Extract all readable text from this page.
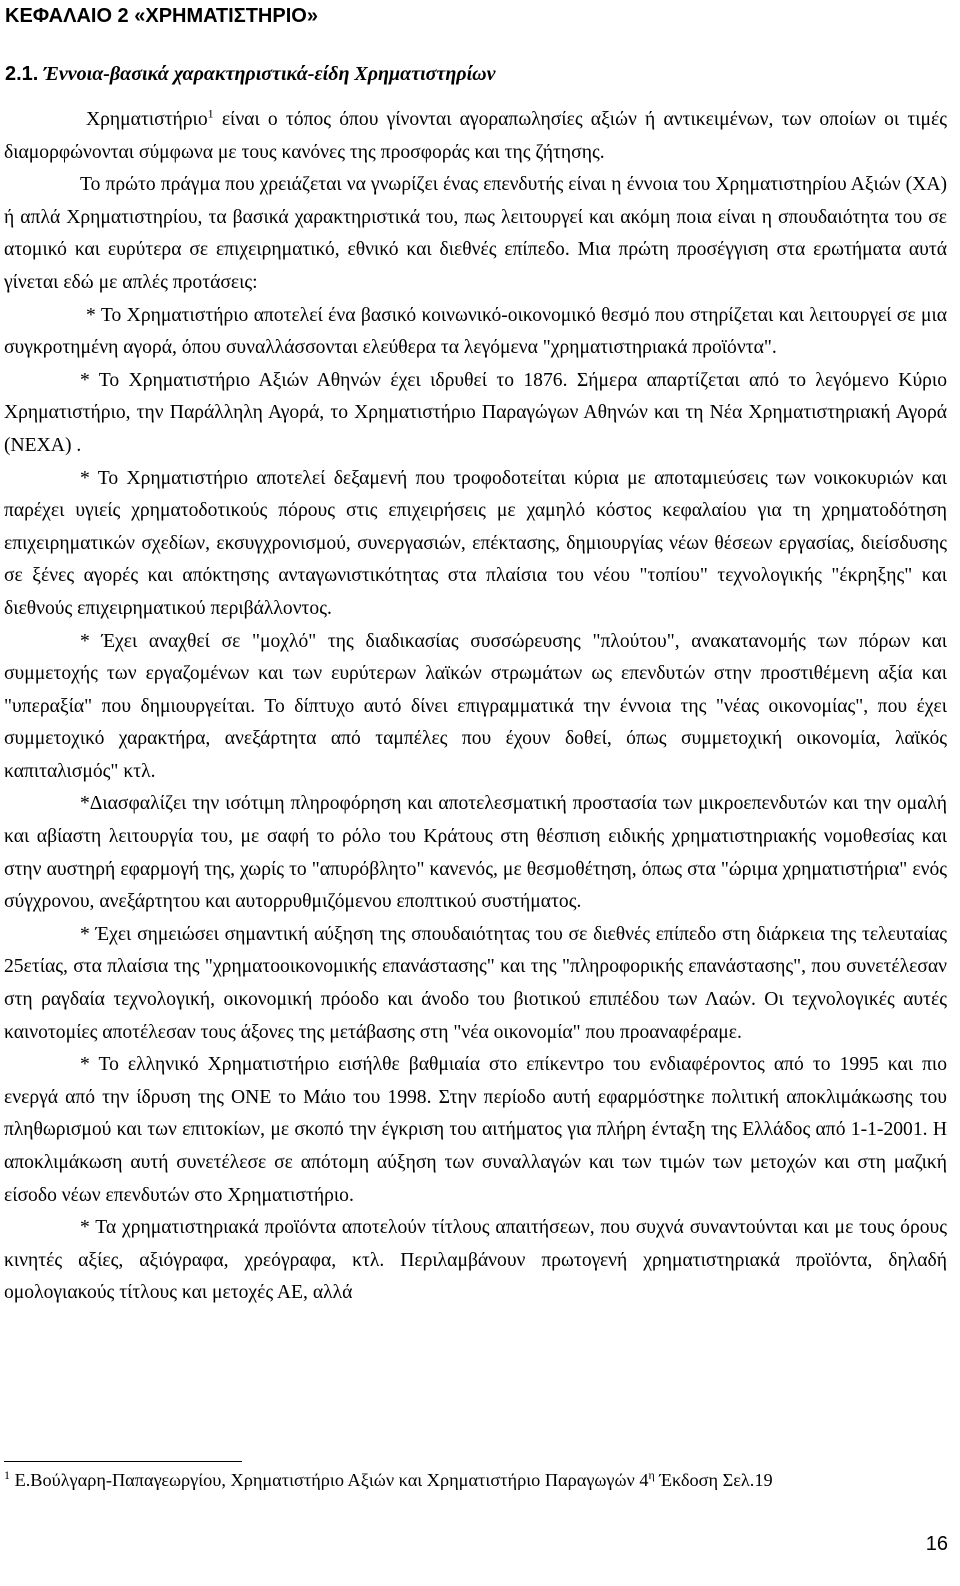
ΚΕΦΑΛΑΙΟ 2 «ΧΡΗΜΑΤΙΣΤΗΡΙΟ»
2.1. Έννοια-βασικά χαρακτηριστικά-είδη Χρηματιστηρίων

Χρηματιστήριο$^1$ είναι ο τόπος όπου γίνονται αγοραπωλησίες αξιών ή αντικειμένων, των οποίων οι τιμές διαμορφώνονται σύμφωνα με τους κανόνες της προσφοράς και της ζήτησης.

Το πρώτο πράγμα που χρειάζεται να γνωρίζει ένας επενδυτής είναι η έννοια του Χρηματιστηρίου Αξιών (ΧΑ) ή απλά Χρηματιστηρίου, τα βασικά χαρακτηριστικά του, πως λειτουργεί και ακόμη ποια είναι η σπουδαιότητα του σε ατομικό και ευρύτερα σε επιχειρηματικό, εθνικό και διεθνές επίπεδο. Μια πρώτη προσέγγιση στα ερωτήματα αυτά γίνεται εδώ με απλές προτάσεις:

* Το Χρηματιστήριο αποτελεί ένα βασικό κοινωνικό-οικονομικό θεσμό που στηρίζεται και λειτουργεί σε μια συγκροτημένη αγορά, όπου συναλλάσσονται ελεύθερα τα λεγόμενα "χρηματιστηριακά προϊόντα".

* Το Χρηματιστήριο Αξιών Αθηνών έχει ιδρυθεί το 1876. Σήμερα απαρτίζεται από το λεγόμενο Κύριο Χρηματιστήριο, την Παράλληλη Αγορά, το Χρηματιστήριο Παραγώγων Αθηνών και τη Νέα Χρηματιστηριακή Αγορά (ΝΕΧΑ) .

* Το Χρηματιστήριο αποτελεί δεξαμενή που τροφοδοτείται κύρια με αποταμιεύσεις των νοικοκυριών και παρέχει υγιείς χρηματοδοτικούς πόρους στις επιχειρήσεις με χαμηλό κόστος κεφαλαίου για τη χρηματοδότηση επιχειρηματικών σχεδίων, εκσυγχρονισμού, συνεργασιών, επέκτασης, δημιουργίας νέων θέσεων εργασίας, διείσδυσης σε ξένες αγορές και απόκτησης ανταγωνιστικότητας στα πλαίσια του νέου "τοπίου" τεχνολογικής "έκρηξης" και διεθνούς επιχειρηματικού περιβάλλοντος.

* Έχει αναχθεί σε "μοχλό" της διαδικασίας συσσώρευσης "πλούτου", ανακατανομής των πόρων και συμμετοχής των εργαζομένων και των ευρύτερων λαϊκών στρωμάτων ως επενδυτών στην προστιθέμενη αξία και "υπεραξία" που δημιουργείται. Το δίπτυχο αυτό δίνει επιγραμματικά την έννοια της "νέας οικονομίας", που έχει συμμετοχικό χαρακτήρα, ανεξάρτητα από ταμπέλες που έχουν δοθεί, όπως συμμετοχική οικονομία, λαϊκός καπιταλισμός" κτλ.

*Διασφαλίζει την ισότιμη πληροφόρηση και αποτελεσματική προστασία των μικροεπενδυτών και την ομαλή και αβίαστη λειτουργία του, με σαφή το ρόλο του Κράτους στη θέσπιση ειδικής χρηματιστηριακής νομοθεσίας και στην αυστηρή εφαρμογή της, χωρίς το "απυρόβλητο" κανενός, με θεσμοθέτηση, όπως στα "ώριμα χρηματιστήρια" ενός σύγχρονου, ανεξάρτητου και αυτορρυθμιζόμενου εποπτικού συστήματος.

* Έχει σημειώσει σημαντική αύξηση της σπουδαιότητας του σε διεθνές επίπεδο στη διάρκεια της τελευταίας 25ετίας, στα πλαίσια της "χρηματοοικονομικής επανάστασης" και της "πληροφορικής επανάστασης", που συνετέλεσαν στη ραγδαία τεχνολογική, οικονομική πρόοδο και άνοδο του βιοτικού επιπέδου των Λαών. Οι τεχνολογικές αυτές καινοτομίες αποτέλεσαν τους άξονες της μετάβασης στη "νέα οικονομία" που προαναφέραμε.

* Το ελληνικό Χρηματιστήριο εισήλθε βαθμιαία στο επίκεντρο του ενδιαφέροντος από το 1995 και πιο ενεργά από την ίδρυση της ΟΝΕ το Μάιο του 1998. Στην περίοδο αυτή εφαρμόστηκε πολιτική αποκλιμάκωσης του πληθωρισμού και των επιτοκίων, με σκοπό την έγκριση του αιτήματος για πλήρη ένταξη της Ελλάδος από 1-1-2001. Η αποκλιμάκωση αυτή συνετέλεσε σε απότομη αύξηση των συναλλαγών και των τιμών των μετοχών και στη μαζική είσοδο νέων επενδυτών στο Χρηματιστήριο.

* Τα χρηματιστηριακά προϊόντα αποτελούν τίτλους απαιτήσεων, που συχνά συναντούνται και με τους όρους κινητές αξίες, αξιόγραφα, χρεόγραφα, κτλ. Περιλαμβάνουν πρωτογενή χρηματιστηριακά προϊόντα, δηλαδή ομολογιακούς τίτλους και μετοχές ΑΕ, αλλά

$^1$ Ε.Βούλγαρη-Παπαγεωργίου, Χρηματιστήριο Αξιών και Χρηματιστήριο Παραγωγών $4^\eta$ Έκδοση Σελ.19

16
